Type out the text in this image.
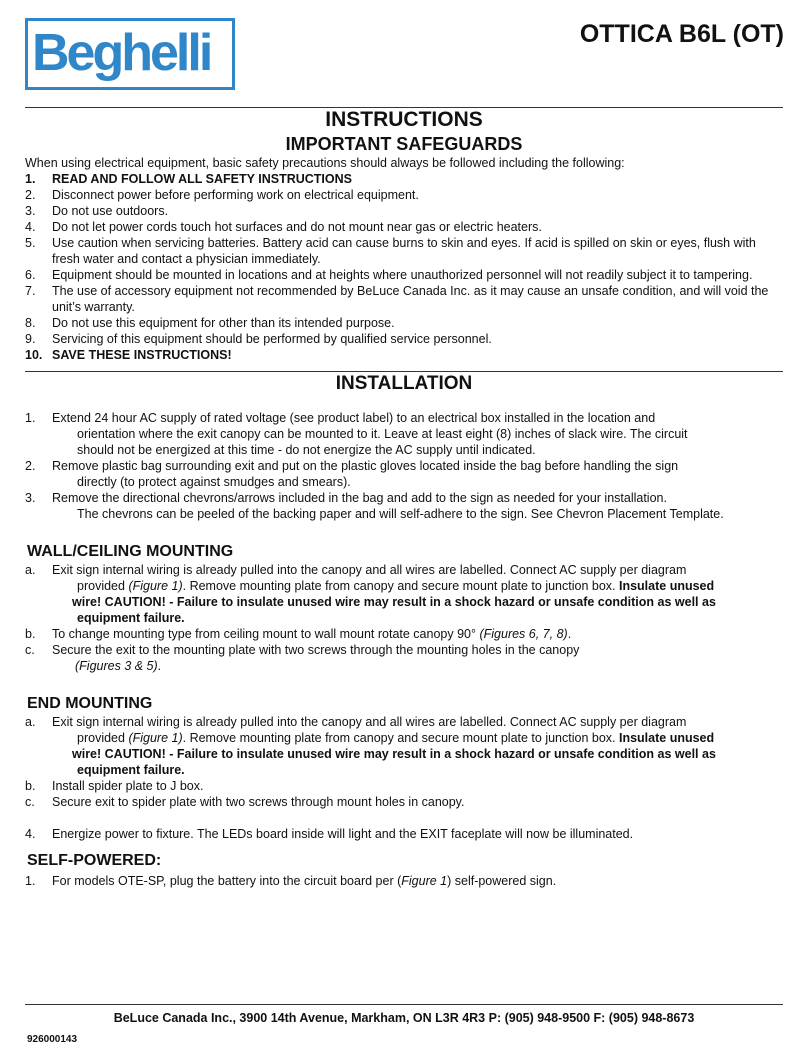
Beghelli	OTTICA B6L (OT)
INSTRUCTIONS
IMPORTANT SAFEGUARDS
When using electrical equipment, basic safety precautions should always be followed including the following:
1. READ AND FOLLOW ALL SAFETY INSTRUCTIONS
2. Disconnect power before performing work on electrical equipment.
3. Do not use outdoors.
4. Do not let power cords touch hot surfaces and do not mount near gas or electric heaters.
5. Use caution when servicing batteries. Battery acid can cause burns to skin and eyes. If acid is spilled on skin or eyes, flush with fresh water and contact a physician immediately.
6. Equipment should be mounted in locations and at heights where unauthorized personnel will not readily subject it to tampering.
7. The use of accessory equipment not recommended by BeLuce Canada Inc. as it may cause an unsafe condition, and will void the unit’s warranty.
8. Do not use this equipment for other than its intended purpose.
9. Servicing of this equipment should be performed by qualified service personnel.
10. SAVE THESE INSTRUCTIONS!
INSTALLATION
1. Extend 24 hour AC supply of rated voltage (see product label) to an electrical box installed in the location and
orientation where the exit canopy can be mounted to it. Leave at least eight (8) inches of slack wire. The circuit
should not be energized at this time - do not energize the AC supply until indicated.
2. Remove plastic bag surrounding exit and put on the plastic gloves located inside the bag before handling the sign
directly (to protect against smudges and smears).
3. Remove the directional chevrons/arrows included in the bag and add to the sign as needed for your installation.
The chevrons can be peeled of the backing paper and will self-adhere to the sign. See Chevron Placement Template.
WALL/CEILING MOUNTING
a. Exit sign internal wiring is already pulled into the canopy and all wires are labelled. Connect AC supply per diagram
provided (Figure 1). Remove mounting plate from canopy and secure mount plate to junction box. Insulate unused
wire! CAUTION! - Failure to insulate unused wire may result in a shock hazard or unsafe condition as well as
equipment failure.
b. To change mounting type from ceiling mount to wall mount rotate canopy 90° (Figures 6, 7, 8).
c. Secure the exit to the mounting plate with two screws through the mounting holes in the canopy
(Figures 3 & 5).
END MOUNTING
a. Exit sign internal wiring is already pulled into the canopy and all wires are labelled. Connect AC supply per diagram
provided (Figure 1). Remove mounting plate from canopy and secure mount plate to junction box. Insulate unused
wire! CAUTION! - Failure to insulate unused wire may result in a shock hazard or unsafe condition as well as
equipment failure.
b. Install spider plate to J box.
c. Secure exit to spider plate with two screws through mount holes in canopy.
4. Energize power to fixture. The LEDs board inside will light and the EXIT faceplate will now be illuminated.
SELF-POWERED:
1. For models OTE-SP, plug the battery into the circuit board per (Figure 1) self-powered sign.
BeLuce Canada Inc., 3900 14th Avenue, Markham, ON L3R 4R3 P: (905) 948-9500 F: (905) 948-8673
926000143
